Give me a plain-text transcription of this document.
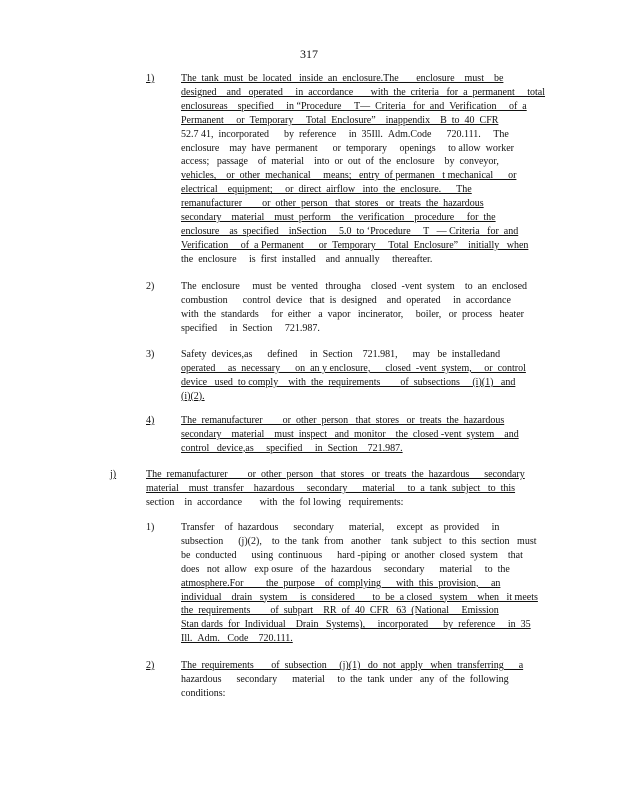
317
1)	The  tank  must  be  located   inside  an  enclosure.The       enclosure    must    be
designed    and   operated     in  accordance       with  the  criteria   for  a  permanent     total
enclosureas    specified     in “Procedure     T—  Criteria   for  and  Verification     of  a
Permanent     or  Temporary     Total  Enclosure”    inappendix    B  to  40  CFR
52.7 41,  incorporated      by  reference     in  35Ill.  Adm.Code      720.111.     The
enclosure    may  have  permanent      or  temporary     openings     to allow  worker
access;   passage    of  material    into  or  out  of  the  enclosure    by  conveyor,
vehicles,    or  other  mechanical     means;   entry  of permanen   t mechanical      or
electrical    equipment;     or  direct  airflow   into  the  enclosure.      The
remanufacturer        or  other  person   that  stores   or  treats  the  hazardous
secondary    material    must  perform    the  verification    procedure     for  the
enclosure    as  specified    inSection     5.0  to ‘Procedure     T   — Criteria   for  and
Verification     of  a Permanent      or  Temporary     Total  Enclosure”    initially   when
the  enclosure     is  first  installed    and  annually     thereafter.
2)	The  enclosure     must  be  vented   througha    closed  -vent  system    to  an  enclosed
combustion      control  device   that  is  designed    and  operated     in  accordance
with  the  standards     for  either   a  vapor   incinerator,     boiler,   or  process   heater
specified     in  Section     721.987.
3)	Safety  devices,as      defined     in  Section    721.981,      may   be  installedand
operated     as  necessary      on  an y enclosure,      closed  -vent  system,     or  control
device   used  to comply    with  the  requirements        of  subsections     (i)(1)   and
(i)(2).
4)	The  remanufacturer        or  other  person   that  stores   or  treats  the  hazardous
secondary    material    must  inspect   and  monitor    the  closed -vent  system    and
control   device,as     specified     in  Section    721.987.
j)	The  remanufacturer        or  other  person   that  stores   or  treats  the  hazardous      secondary
material    must  transfer    hazardous     secondary      material     to  a  tank  subject   to  this
section    in  accordance       with  the  fol lowing   requirements:
1)	Transfer    of  hazardous      secondary      material,     except   as  provided     in
subsection      (j)(2),    to  the  tank  from   another    tank  subject   to  this  section   must
be  conducted      using  continuous      hard -piping  or  another  closed  system    that
does   not  allow   exp osure   of  the  hazardous     secondary      material     to  the
atmosphere.For         the  purpose    of  complying      with  this  provision,     an
individual    drain   system     is  considered       to  be  a closed   system    when   it meets
the  requirements        of  subpart    RR  of  40  CFR   63  (National     Emission
Stan dards  for  Individual    Drain   Systems),     incorporated      by  reference     in  35
Ill.  Adm.   Code    720.111.
2)	The  requirements       of  subsection     (j)(1)   do  not  apply   when  transferring      a
hazardous      secondary      material     to  the  tank  under   any  of  the  following
conditions:
